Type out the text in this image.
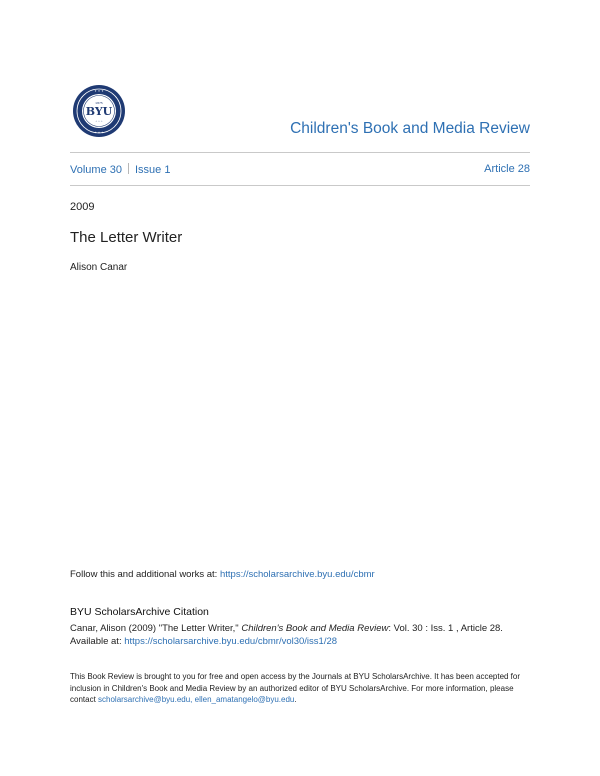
BYU
1875
☆ ☆ ☆
✦ ✦ ✦
✦ ✦ ✦	Children's Book and Media Review
Volume 30 Issue 1	Article 28
2009
The Letter Writer
Alison Canar
Follow this and additional works at: https://scholarsarchive.byu.edu/cbmr
BYU ScholarsArchive Citation
Canar, Alison (2009) "The Letter Writer," Children's Book and Media Review: Vol. 30 : Iss. 1 , Article 28.
Available at: https://scholarsarchive.byu.edu/cbmr/vol30/iss1/28
This Book Review is brought to you for free and open access by the Journals at BYU ScholarsArchive. It has been accepted for inclusion in Children's Book and Media Review by an authorized editor of BYU ScholarsArchive. For more information, please contact scholarsarchive@byu.edu, ellen_amatangelo@byu.edu.
